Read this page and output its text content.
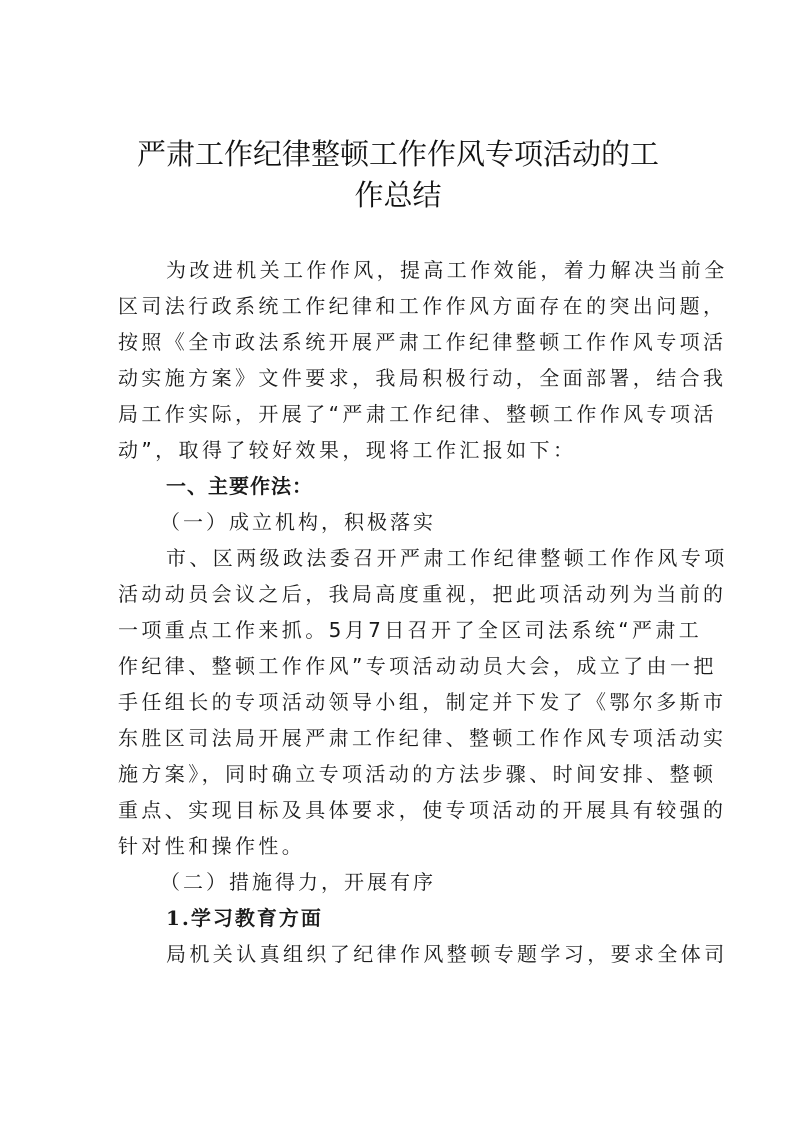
严肃工作纪律整顿工作作风专项活动的工
作总结
为改进机关工作作风，提高工作效能，着力解决当前全
区司法行政系统工作纪律和工作作风方面存在的突出问题，
按照《全市政法系统开展严肃工作纪律整顿工作作风专项活
动实施方案》文件要求，我局积极行动，全面部署，结合我
局工作实际，开展了“严肃工作纪律、整顿工作作风专项活
动”，取得了较好效果，现将工作汇报如下：
一、主要作法：
（一）成立机构，积极落实
市、区两级政法委召开严肃工作纪律整顿工作作风专项
活动动员会议之后，我局高度重视，把此项活动列为当前的
一项重点工作来抓。5月7日召开了全区司法系统“严肃工
作纪律、整顿工作作风”专项活动动员大会，成立了由一把
手任组长的专项活动领导小组，制定并下发了《鄂尔多斯市
东胜区司法局开展严肃工作纪律、整顿工作作风专项活动实
施方案》，同时确立专项活动的方法步骤、时间安排、整顿
重点、实现目标及具体要求，使专项活动的开展具有较强的
针对性和操作性。
（二）措施得力，开展有序
1.学习教育方面
局机关认真组织了纪律作风整顿专题学习，要求全体司
